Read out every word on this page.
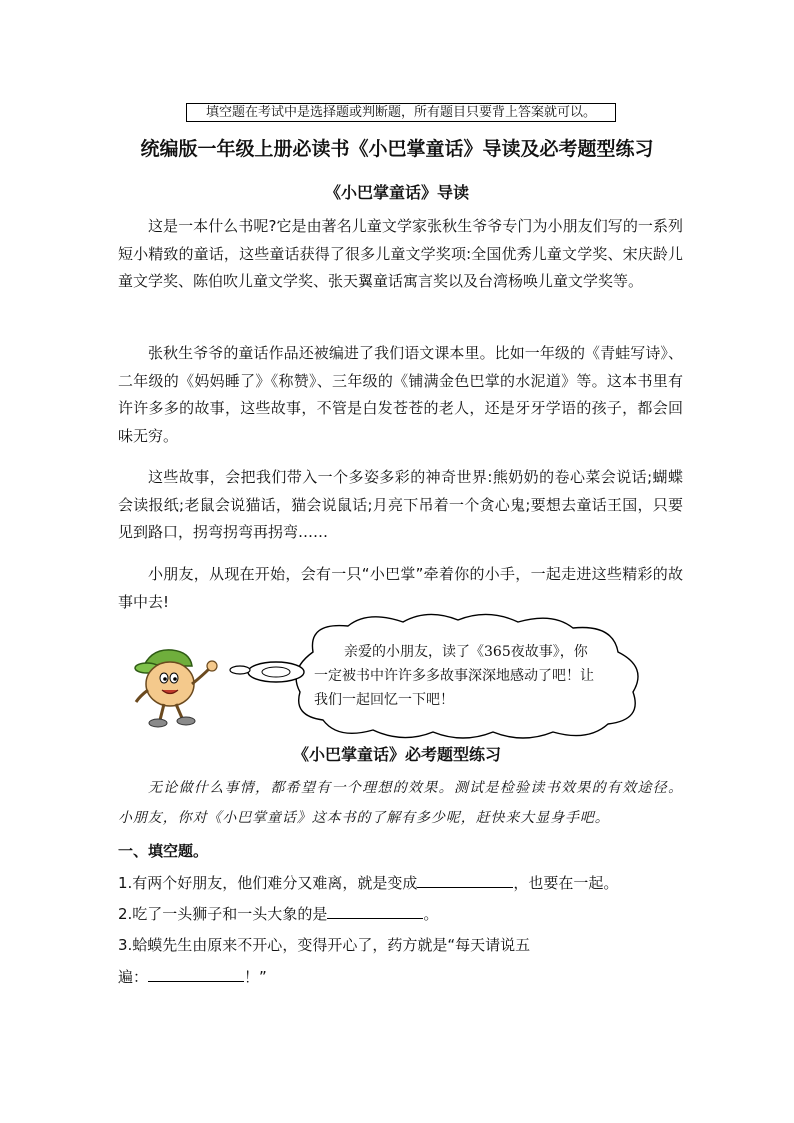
填空题在考试中是选择题或判断题，所有题目只要背上答案就可以。
统编版一年级上册必读书《小巴掌童话》导读及必考题型练习
《小巴掌童话》导读
这是一本什么书呢?它是由著名儿童文学家张秋生爷爷专门为小朋友们写的一系列短小精致的童话，这些童话获得了很多儿童文学奖项:全国优秀儿童文学奖、宋庆龄儿童文学奖、陈伯吹儿童文学奖、张天翼童话寓言奖以及台湾杨唤儿童文学奖等。
张秋生爷爷的童话作品还被编进了我们语文课本里。比如一年级的《青蛙写诗》、二年级的《妈妈睡了》《称赞》、三年级的《铺满金色巴掌的水泥道》等。这本书里有许许多多的故事，这些故事，不管是白发苍苍的老人，还是牙牙学语的孩子，都会回味无穷。
这些故事，会把我们带入一个多姿多彩的神奇世界:熊奶奶的卷心菜会说话;蝴蝶会读报纸;老鼠会说猫话，猫会说鼠话;月亮下吊着一个贪心鬼;要想去童话王国，只要见到路口，拐弯拐弯再拐弯……
小朋友，从现在开始，会有一只“小巴掌”牵着你的小手，一起走进这些精彩的故事中去!
亲爱的小朋友，读了《365夜故事》，你一定被书中许许多多故事深深地感动了吧！让我们一起回忆一下吧！
《小巴掌童话》必考题型练习
无论做什么事情，都希望有一个理想的效果。测试是检验读书效果的有效途径。小朋友，你对《小巴掌童话》这本书的了解有多少呢，赶快来大显身手吧。
一、填空题。
1.有两个好朋友，他们难分又难离，就是变成	，也要在一起。
2.吃了一头狮子和一头大象的是	。
3.蛤蟆先生由原来不开心，变得开心了，药方就是“每天请说五
遍：	！”
